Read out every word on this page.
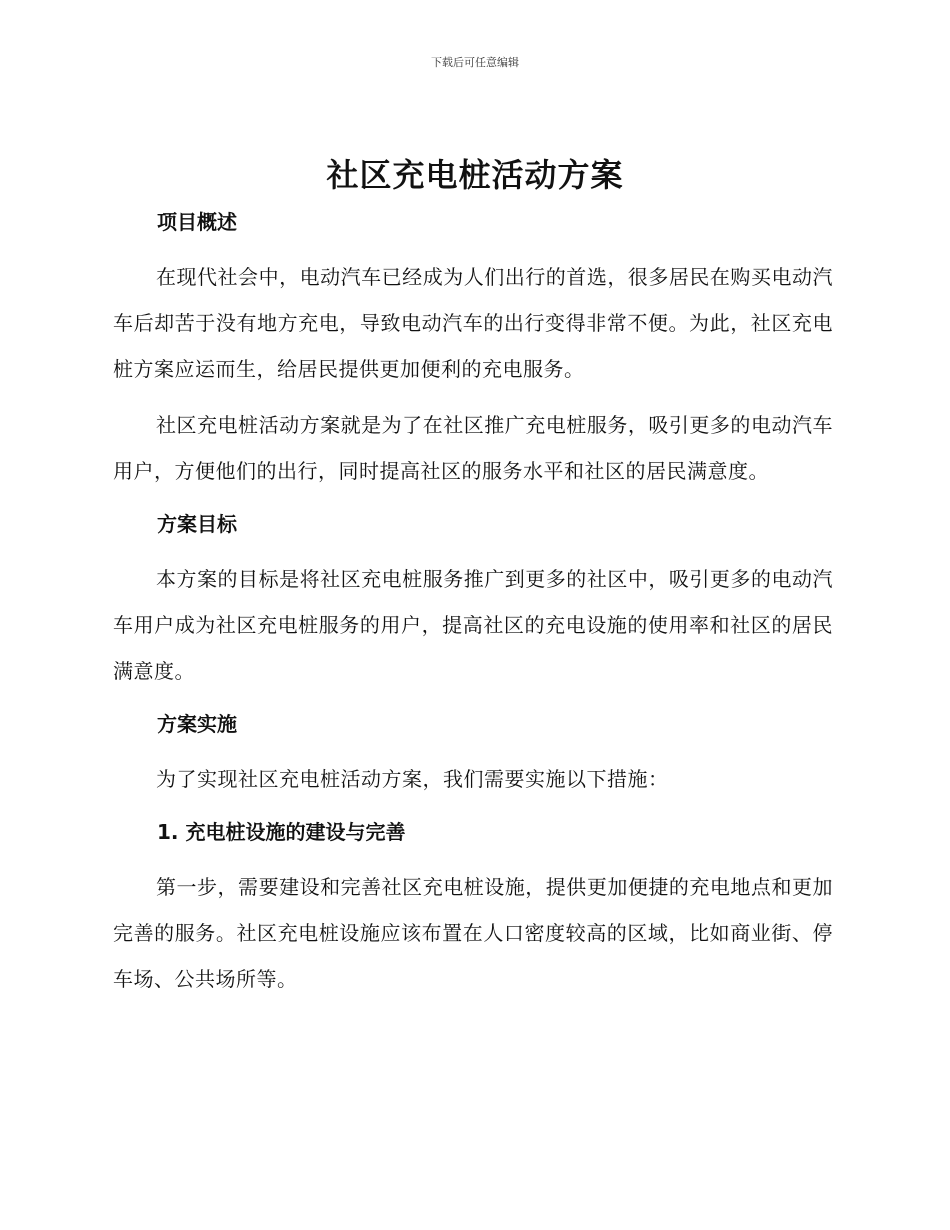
下载后可任意编辑
社区充电桩活动方案
项目概述

在现代社会中，电动汽车已经成为人们出行的首选，很多居民在购买电动汽车后却苦于没有地方充电，导致电动汽车的出行变得非常不便。为此，社区充电桩方案应运而生，给居民提供更加便利的充电服务。

社区充电桩活动方案就是为了在社区推广充电桩服务，吸引更多的电动汽车用户，方便他们的出行，同时提高社区的服务水平和社区的居民满意度。

方案目标

本方案的目标是将社区充电桩服务推广到更多的社区中，吸引更多的电动汽车用户成为社区充电桩服务的用户，提高社区的充电设施的使用率和社区的居民满意度。

方案实施

为了实现社区充电桩活动方案，我们需要实施以下措施：

1. 充电桩设施的建设与完善

第一步，需要建设和完善社区充电桩设施，提供更加便捷的充电地点和更加完善的服务。社区充电桩设施应该布置在人口密度较高的区域，比如商业街、停车场、公共场所等。
